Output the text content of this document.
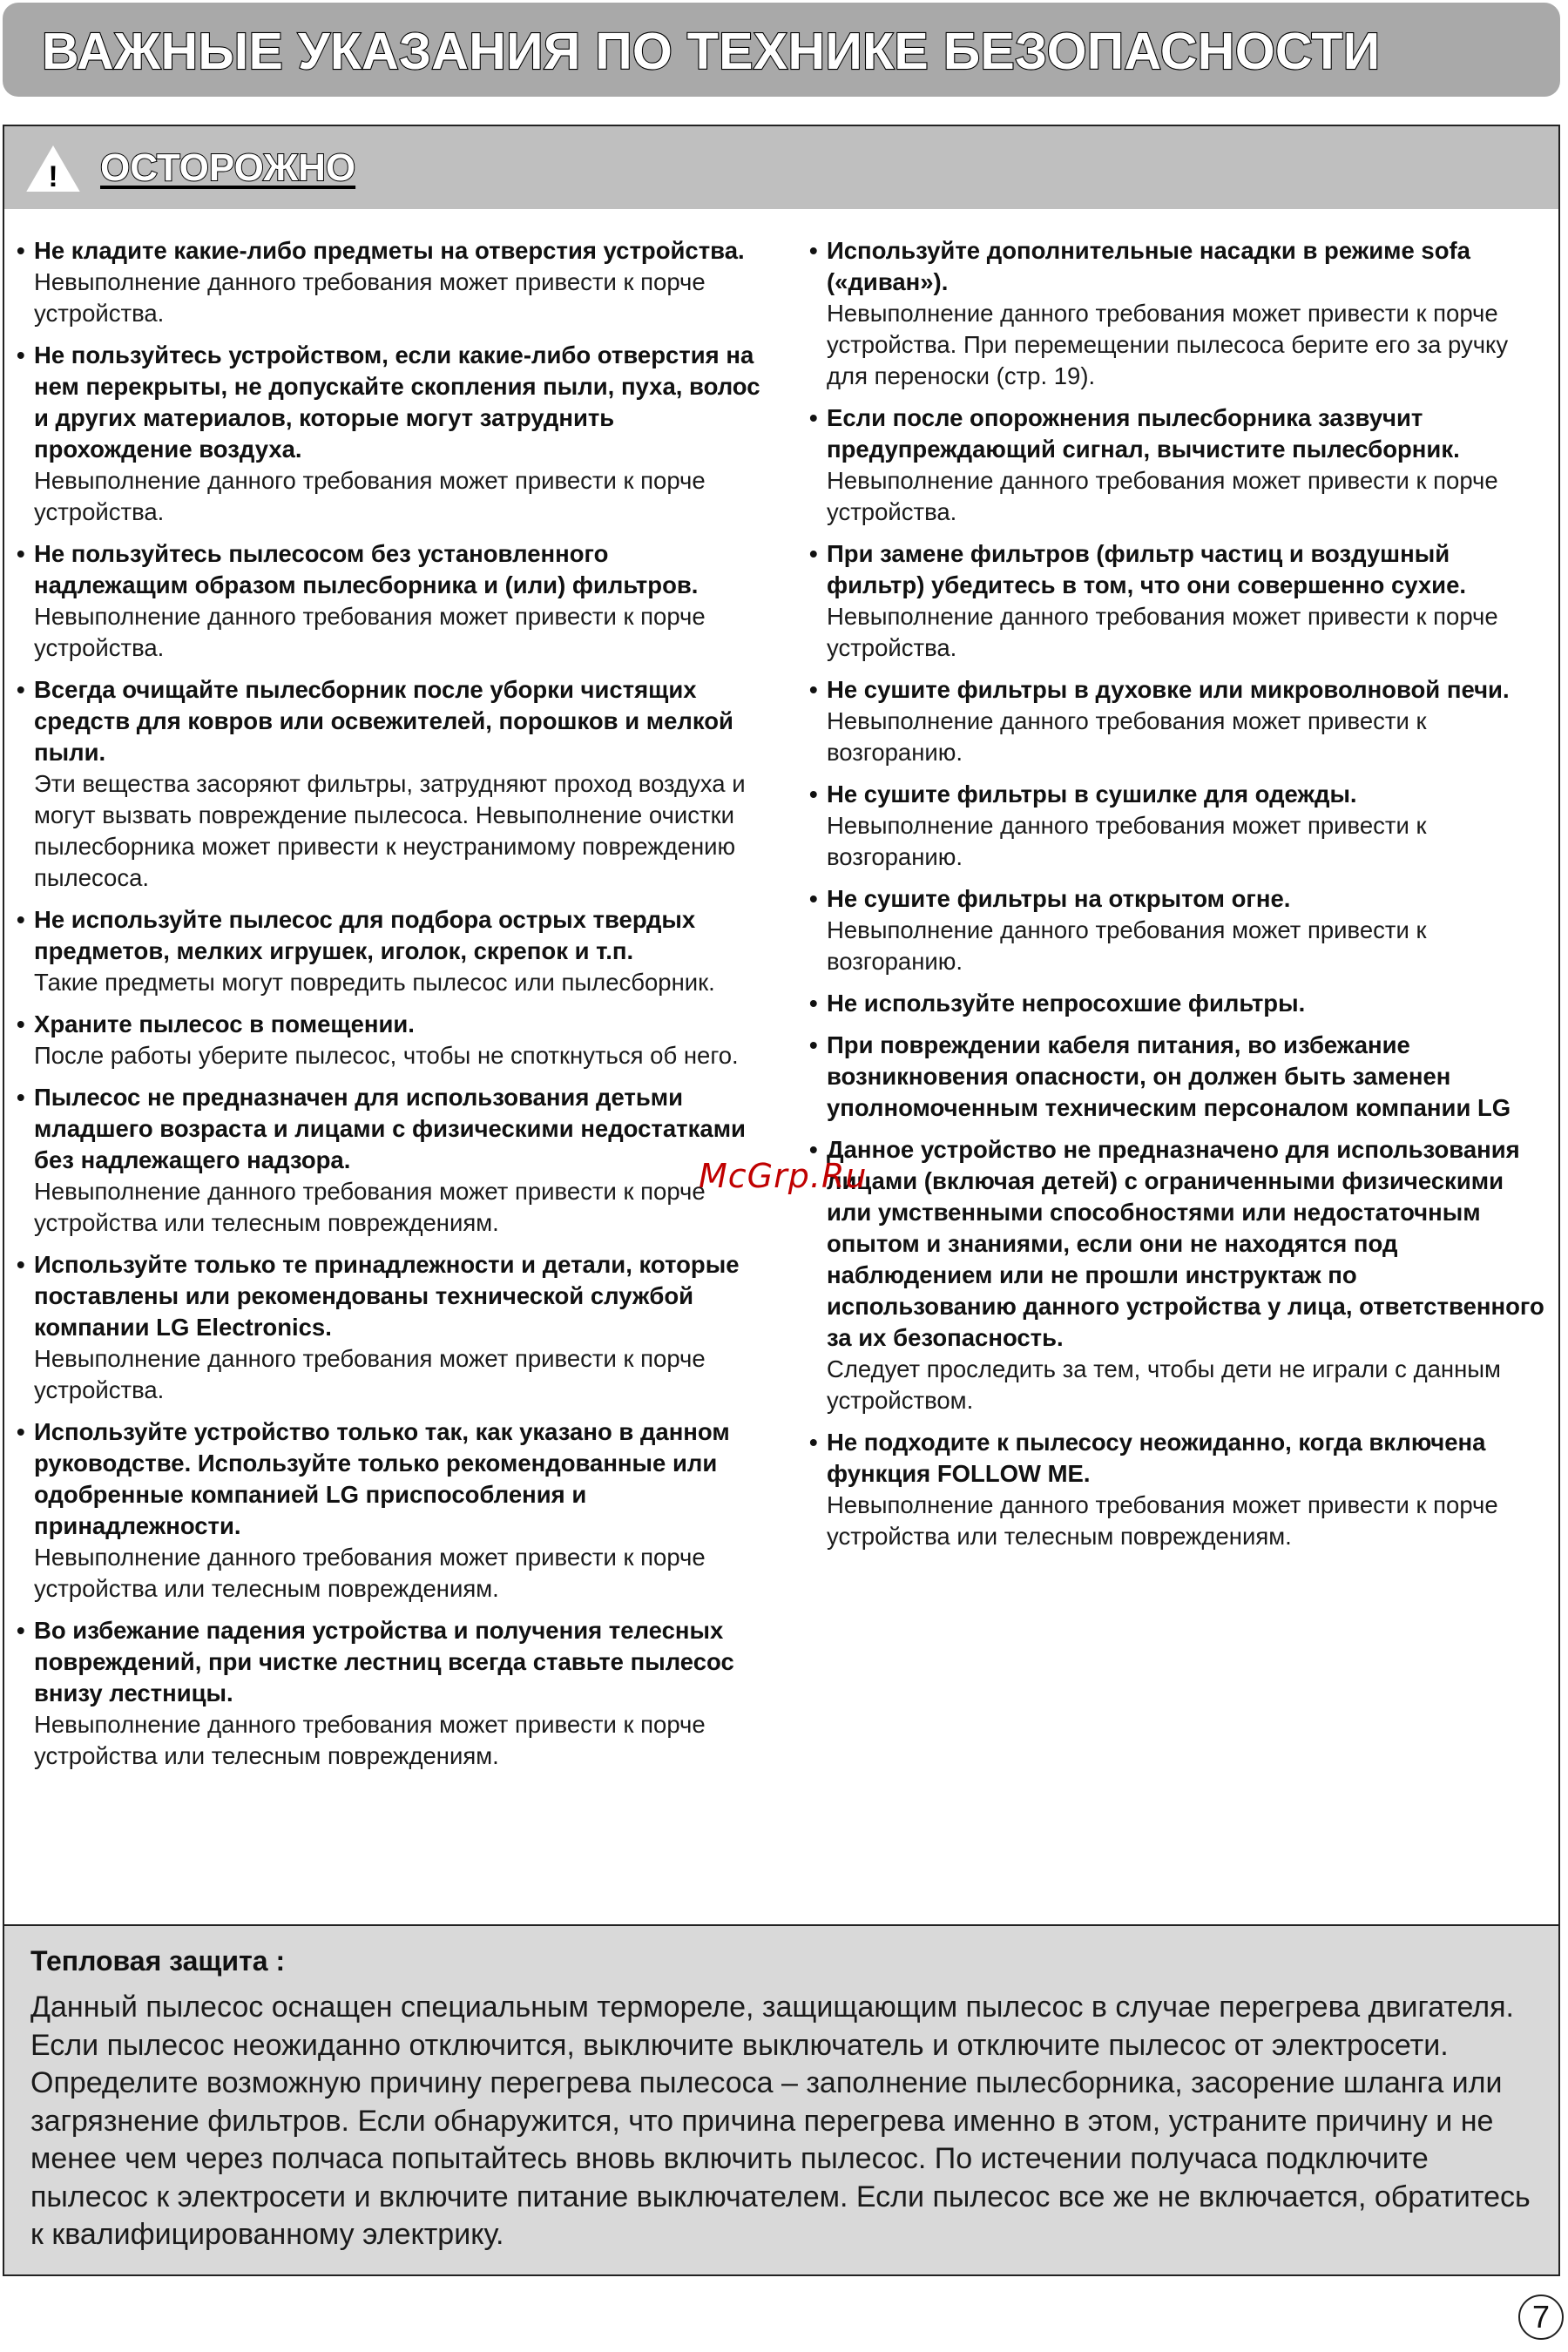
ВАЖНЫЕ УКАЗАНИЯ ПО ТЕХНИКЕ БЕЗОПАСНОСТИ
! ОСТОРОЖНО
• Не кладите какие-либо предметы на отверстия устройства.
Невыполнение данного требования может привести к порче устройства.
• Не пользуйтесь устройством, если какие-либо отверстия на нем перекрыты, не допускайте скопления пыли, пуха, волос и других материалов, которые могут затруднить прохождение воздуха.
Невыполнение данного требования может привести к порче устройства.
• Не пользуйтесь пылесосом без установленного надлежащим образом пылесборника и (или) фильтров.
Невыполнение данного требования может привести к порче устройства.
• Всегда очищайте пылесборник после уборки чистящих средств для ковров или освежителей, порошков и мелкой пыли.
Эти вещества засоряют фильтры, затрудняют проход воздуха и могут вызвать повреждение пылесоса. Невыполнение очистки пылесборника может привести к неустранимому повреждению пылесоса.
• Не используйте пылесос для подбора острых твердых предметов, мелких игрушек, иголок, скрепок и т.п.
Такие предметы могут повредить пылесос или пылесборник.
• Храните пылесос в помещении.
После работы уберите пылесос, чтобы не споткнуться об него.
• Пылесос не предназначен для использования детьми младшего возраста и лицами с физическими недостатками без надлежащего надзора.
Невыполнение данного требования может привести к порче устройства или телесным повреждениям.
• Используйте только те принадлежности и детали, которые поставлены или рекомендованы технической службой компании LG Electronics.
Невыполнение данного требования может привести к порче устройства.
• Используйте устройство только так, как указано в данном руководстве. Используйте только рекомендованные или одобренные компанией LG приспособления и принадлежности.
Невыполнение данного требования может привести к порче устройства или телесным повреждениям.
• Во избежание падения устройства и получения телесных повреждений, при чистке лестниц всегда ставьте пылесос внизу лестницы.
Невыполнение данного требования может привести к порче устройства или телесным повреждениям.
• Используйте дополнительные насадки в режиме sofa («диван»).
Невыполнение данного требования может привести к порче устройства. При перемещении пылесоса берите его за ручку для переноски (стр. 19).
• Если после опорожнения пылесборника зазвучит предупреждающий сигнал, вычистите пылесборник.
Невыполнение данного требования может привести к порче устройства.
• При замене фильтров (фильтр частиц и воздушный фильтр) убедитесь в том, что они совершенно сухие.
Невыполнение данного требования может привести к порче устройства.
• Не сушите фильтры в духовке или микроволновой печи.
Невыполнение данного требования может привести к возгоранию.
• Не сушите фильтры в сушилке для одежды.
Невыполнение данного требования может привести к возгоранию.
• Не сушите фильтры на открытом огне.
Невыполнение данного требования может привести к возгоранию.
• Не используйте непросохшие фильтры.
• При повреждении кабеля питания, во избежание возникновения опасности, он должен быть заменен уполномоченным техническим персоналом компании LG
• Данное устройство не предназначено для использования лицами (включая детей) с ограниченными физическими или умственными способностями или недостаточным опытом и знаниями, если они не находятся под наблюдением или не прошли инструктаж по использованию данного устройства у лица, ответственного за их безопасность.
Следует проследить за тем, чтобы дети не играли с данным устройством.
• Не подходите к пылесосу неожиданно, когда включена функция FOLLOW ME.
Невыполнение данного требования может привести к порче устройства или телесным повреждениям.
Тепловая защита :
Данный пылесос оснащен специальным термореле, защищающим пылесос в случае перегрева двигателя. Если пылесос неожиданно отключится, выключите выключатель и отключите пылесос от электросети. Определите возможную причину перегрева пылесоса – заполнение пылесборника, засорение шланга или загрязнение фильтров. Если обнаружится, что причина перегрева именно в этом, устраните причину и не менее чем через полчаса попытайтесь вновь включить пылесос. По истечении получаса подключите пылесос к электросети и включите питание выключателем. Если пылесос все же не включается, обратитесь к квалифицированному электрику.
McGrp.Ru
7
